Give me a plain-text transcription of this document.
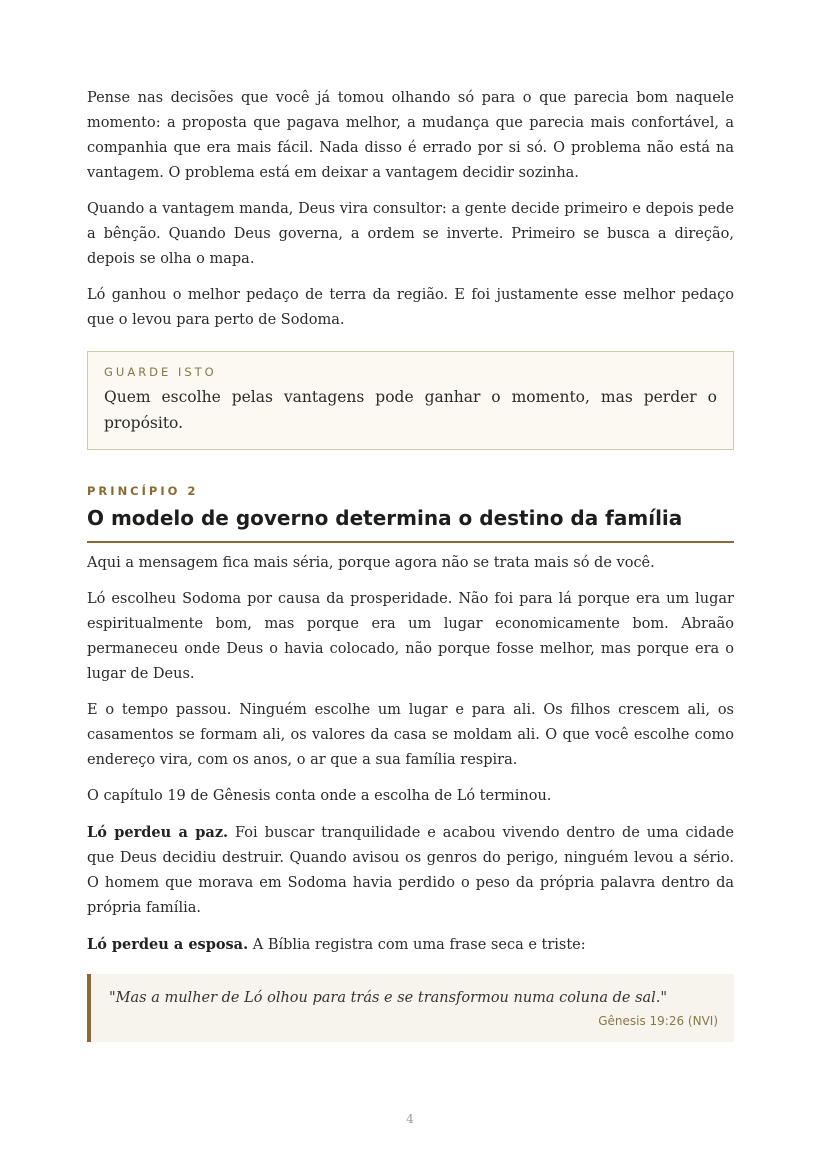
Pense nas decisões que você já tomou olhando só para o que parecia bom naquele momento: a proposta que pagava melhor, a mudança que parecia mais confortável, a companhia que era mais fácil. Nada disso é errado por si só. O problema não está na vantagem. O problema está em deixar a vantagem decidir sozinha.

Quando a vantagem manda, Deus vira consultor: a gente decide primeiro e depois pede a bênção. Quando Deus governa, a ordem se inverte. Primeiro se busca a direção, depois se olha o mapa.

Ló ganhou o melhor pedaço de terra da região. E foi justamente esse melhor pedaço que o levou para perto de Sodoma.

GUARDE ISTO

Quem escolhe pelas vantagens pode ganhar o momento, mas perder o propósito.

PRINCÍPIO 2

O modelo de governo determina o destino da família

Aqui a mensagem fica mais séria, porque agora não se trata mais só de você.

Ló escolheu Sodoma por causa da prosperidade. Não foi para lá porque era um lugar espiritualmente bom, mas porque era um lugar economicamente bom. Abraão permaneceu onde Deus o havia colocado, não porque fosse melhor, mas porque era o lugar de Deus.

E o tempo passou. Ninguém escolhe um lugar e para ali. Os filhos crescem ali, os casamentos se formam ali, os valores da casa se moldam ali. O que você escolhe como endereço vira, com os anos, o ar que a sua família respira.

O capítulo 19 de Gênesis conta onde a escolha de Ló terminou.

Ló perdeu a paz. Foi buscar tranquilidade e acabou vivendo dentro de uma cidade que Deus decidiu destruir. Quando avisou os genros do perigo, ninguém levou a sério. O homem que morava em Sodoma havia perdido o peso da própria palavra dentro da própria família.

Ló perdeu a esposa. A Bíblia registra com uma frase seca e triste:

"Mas a mulher de Ló olhou para trás e se transformou numa coluna de sal."

Gênesis 19:26 (NVI)

4
